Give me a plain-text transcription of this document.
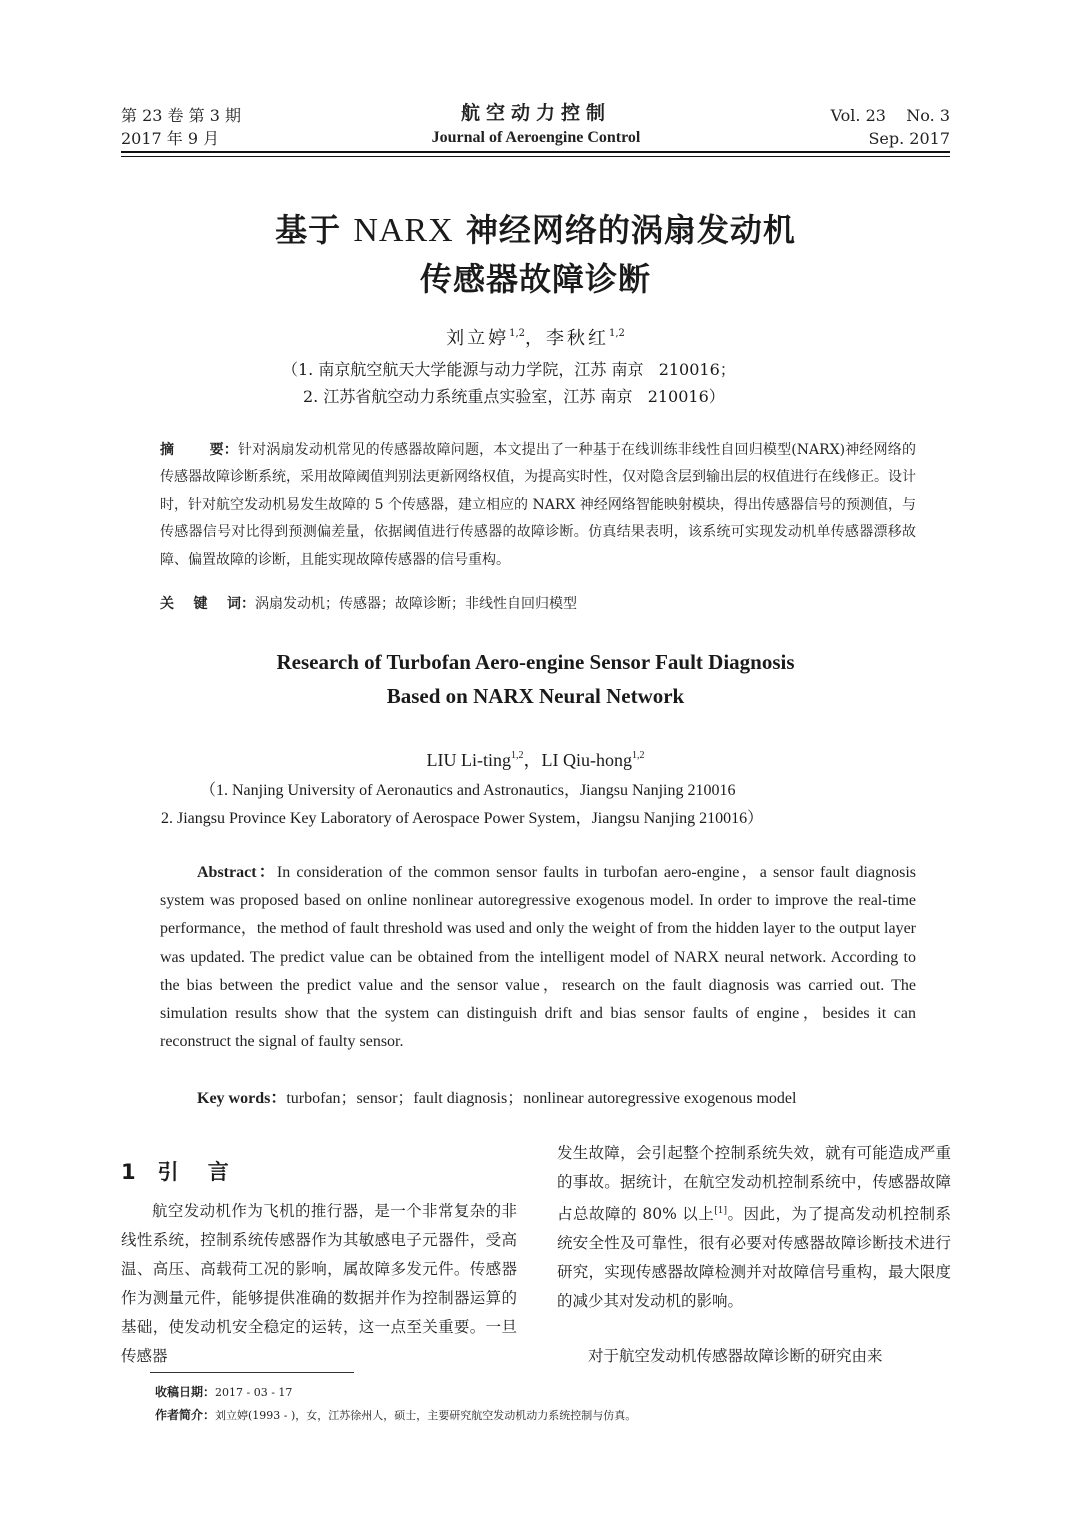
第 23 卷 第 3 期
2017 年 9 月
航空动力控制
Journal of Aeroengine Control
Vol. 23    No. 3
Sep. 2017
基于 NARX 神经网络的涡扇发动机
传感器故障诊断
刘立婷$^{1,2}$，李秋红$^{1,2}$
（1. 南京航空航天大学能源与动力学院，江苏 南京   210016；
2. 江苏省航空动力系统重点实验室，江苏 南京   210016）
摘       要：针对涡扇发动机常见的传感器故障问题，本文提出了一种基于在线训练非线性自回归模型(NARX)神经网络的传感器故障诊断系统，采用故障阈值判别法更新网络权值，为提高实时性，仅对隐含层到输出层的权值进行在线修正。设计时，针对航空发动机易发生故障的 5 个传感器，建立相应的 NARX 神经网络智能映射模块，得出传感器信号的预测值，与传感器信号对比得到预测偏差量，依据阈值进行传感器的故障诊断。仿真结果表明，该系统可实现发动机单传感器漂移故障、偏置故障的诊断，且能实现故障传感器的信号重构。
关    键    词：涡扇发动机；传感器；故障诊断；非线性自回归模型
Research of Turbofan Aero-engine Sensor Fault Diagnosis
Based on NARX Neural Network
LIU Li-ting$^{1,2}$，LI Qiu-hong$^{1,2}$
（1. Nanjing University of Aeronautics and Astronautics，Jiangsu Nanjing 210016
2. Jiangsu Province Key Laboratory of Aerospace Power System，Jiangsu Nanjing 210016）
Abstract：In consideration of the common sensor faults in turbofan aero-engine，a sensor fault diagnosis system was proposed based on online nonlinear autoregressive exogenous model. In order to improve the real-time performance，the method of fault threshold was used and only the weight of from the hidden layer to the output layer was updated. The predict value can be obtained from the intelligent model of NARX neural network. According to the bias between the predict value and the sensor value，research on the fault diagnosis was carried out. The simulation results show that the system can distinguish drift and bias sensor faults of engine，besides it can reconstruct the signal of faulty sensor.
Key words：turbofan；sensor；fault diagnosis；nonlinear autoregressive exogenous model
1   引    言
航空发动机作为飞机的推行器，是一个非常复杂的非线性系统，控制系统传感器作为其敏感电子元器件，受高温、高压、高载荷工况的影响，属故障多发元件。传感器作为测量元件，能够提供准确的数据并作为控制器运算的基础，使发动机安全稳定的运转，这一点至关重要。一旦传感器
发生故障，会引起整个控制系统失效，就有可能造成严重的事故。据统计，在航空发动机控制系统中，传感器故障占总故障的 80% 以上[1]。因此，为了提高发动机控制系统安全性及可靠性，很有必要对传感器故障诊断技术进行研究，实现传感器故障检测并对故障信号重构，最大限度的减少其对发动机的影响。
对于航空发动机传感器故障诊断的研究由来
收稿日期：2017 - 03 - 17
作者简介：刘立婷(1993 - )，女，江苏徐州人，硕士，主要研究航空发动机动力系统控制与仿真。
